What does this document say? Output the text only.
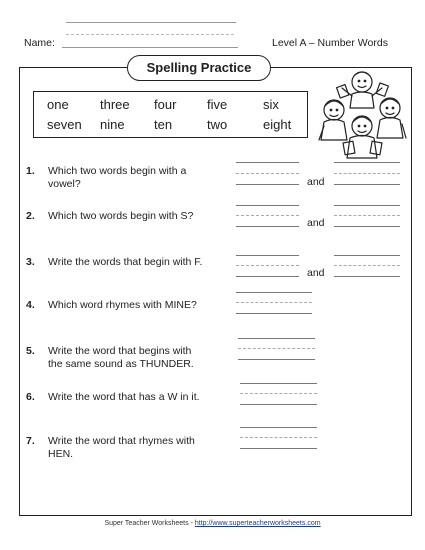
Name:	Level A – Number Words
Spelling Practice
one three four five	six
seven nine ten	two	eight
1. Which two words begin with a
vowel?	and
2. Which two words begin with S?
and
3. Write the words that begin with F.
and
4. Which word rhymes with MINE?
5. Write the word that begins with
the same sound as THUNDER.
6. Write the word that has a W in it.
7. Write the word that rhymes with
HEN.
Super Teacher Worksheets - http://www.superteacherworksheets.com
